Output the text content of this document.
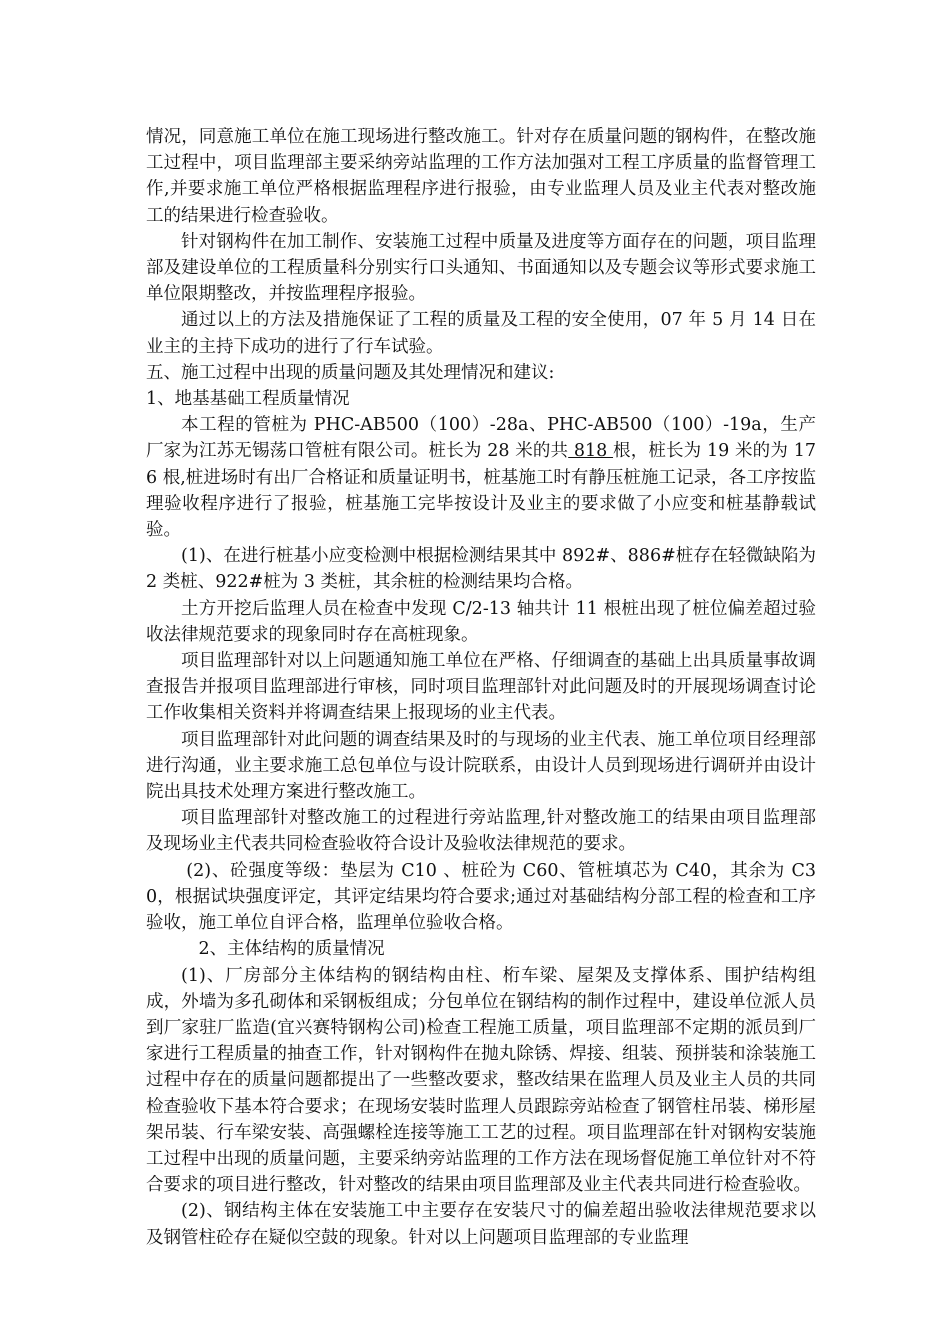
情况，同意施工单位在施工现场进行整改施工。针对存在质量问题的钢构件，在整改施工过程中，项目监理部主要采纳旁站监理的工作方法加强对工程工序质量的监督管理工作,并要求施工单位严格根据监理程序进行报验，由专业监理人员及业主代表对整改施工的结果进行检查验收。

针对钢构件在加工制作、安装施工过程中质量及进度等方面存在的问题，项目监理部及建设单位的工程质量科分别实行口头通知、书面通知以及专题会议等形式要求施工单位限期整改，并按监理程序报验。

通过以上的方法及措施保证了工程的质量及工程的安全使用，07 年 5 月 14 日在业主的主持下成功的进行了行车试验。

五、施工过程中出现的质量问题及其处理情况和建议:

1、地基基础工程质量情况

本工程的管桩为 PHC-AB500（100）-28a、PHC-AB500（100）-19a，生产厂家为江苏无锡荡口管桩有限公司。桩长为 28 米的共 818 根，桩长为 19 米的为 176 根,桩进场时有出厂合格证和质量证明书，桩基施工时有静压桩施工记录，各工序按监理验收程序进行了报验，桩基施工完毕按设计及业主的要求做了小应变和桩基静载试验。

(1)、在进行桩基小应变检测中根据检测结果其中 892#、886#桩存在轻微缺陷为 2 类桩、922#桩为 3 类桩，其余桩的检测结果均合格。

土方开挖后监理人员在检查中发现 C/2-13 轴共计 11 根桩出现了桩位偏差超过验收法律规范要求的现象同时存在高桩现象。

项目监理部针对以上问题通知施工单位在严格、仔细调查的基础上出具质量事故调查报告并报项目监理部进行审核，同时项目监理部针对此问题及时的开展现场调查讨论工作收集相关资料并将调查结果上报现场的业主代表。

项目监理部针对此问题的调查结果及时的与现场的业主代表、施工单位项目经理部进行沟通，业主要求施工总包单位与设计院联系，由设计人员到现场进行调研并由设计院出具技术处理方案进行整改施工。

项目监理部针对整改施工的过程进行旁站监理,针对整改施工的结果由项目监理部及现场业主代表共同检查验收符合设计及验收法律规范的要求。

(2)、砼强度等级：垫层为 C10 、桩砼为 C60、管桩填芯为 C40，其余为 C30，根据试块强度评定，其评定结果均符合要求;通过对基础结构分部工程的检查和工序验收，施工单位自评合格，监理单位验收合格。

2、主体结构的质量情况

(1)、厂房部分主体结构的钢结构由柱、桁车梁、屋架及支撑体系、围护结构组成，外墙为多孔砌体和采钢板组成；分包单位在钢结构的制作过程中，建设单位派人员到厂家驻厂监造(宜兴赛特钢构公司)检查工程施工质量，项目监理部不定期的派员到厂家进行工程质量的抽查工作，针对钢构件在抛丸除锈、焊接、组装、预拼装和涂装施工过程中存在的质量问题都提出了一些整改要求，整改结果在监理人员及业主人员的共同检查验收下基本符合要求；在现场安装时监理人员跟踪旁站检查了钢管柱吊装、梯形屋架吊装、行车梁安装、高强螺栓连接等施工工艺的过程。项目监理部在针对钢构安装施工过程中出现的质量问题，主要采纳旁站监理的工作方法在现场督促施工单位针对不符合要求的项目进行整改，针对整改的结果由项目监理部及业主代表共同进行检查验收。

(2)、钢结构主体在安装施工中主要存在安装尺寸的偏差超出验收法律规范要求以及钢管柱砼存在疑似空鼓的现象。针对以上问题项目监理部的专业监理
